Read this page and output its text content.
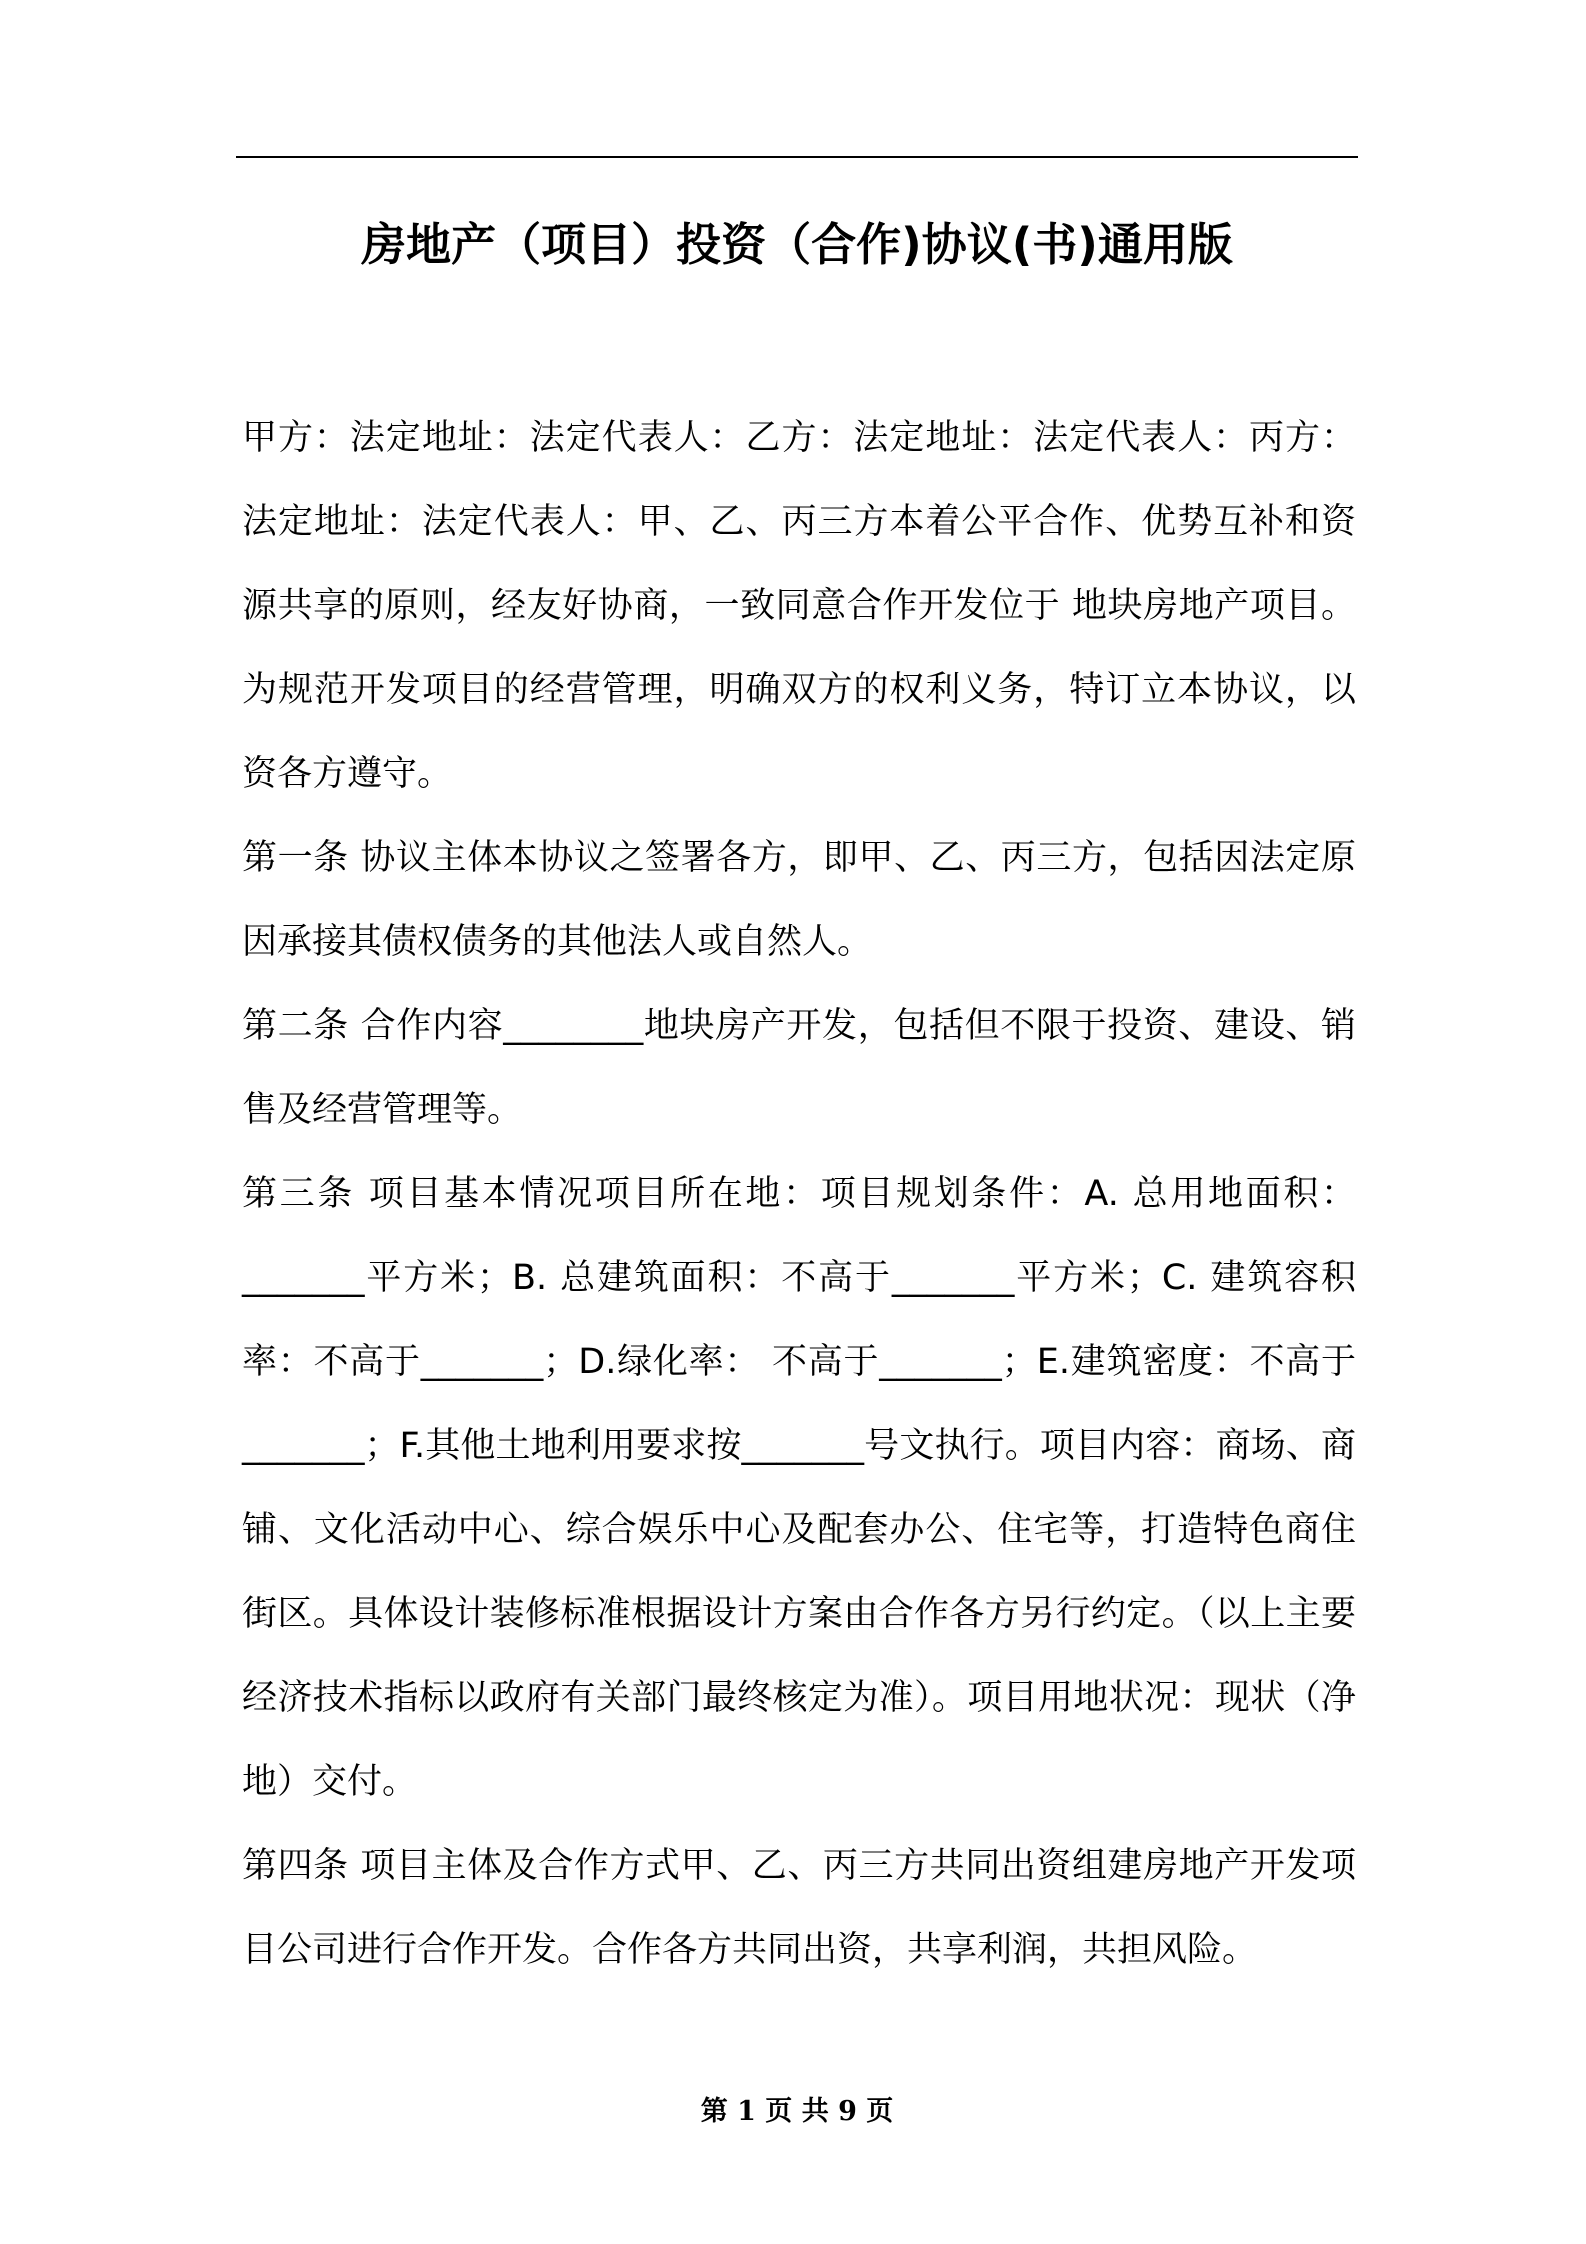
房地产（项目）投资（合作)协议(书)通用版

甲方：法定地址：法定代表人：乙方：法定地址：法定代表人：丙方：法定地址：法定代表人：甲、乙、丙三方本着公平合作、优势互补和资源共享的原则，经友好协商，一致同意合作开发位于 地块房地产项目。为规范开发项目的经营管理，明确双方的权利义务，特订立本协议，以资各方遵守。

第一条 协议主体本协议之签署各方，即甲、乙、丙三方，包括因法定原因承接其债权债务的其他法人或自然人。

第二条 合作内容________地块房产开发，包括但不限于投资、建设、销售及经营管理等。

第三条 项目基本情况项目所在地：项目规划条件：A. 总用地面积：_______平方米；B. 总建筑面积：不高于_______平方米；C. 建筑容积率：不高于_______；D.绿化率： 不高于_______；E.建筑密度：不高于_______；F.其他土地利用要求按_______号文执行。项目内容：商场、商铺、文化活动中心、综合娱乐中心及配套办公、住宅等，打造特色商住街区。具体设计装修标准根据设计方案由合作各方另行约定。（以上主要经济技术指标以政府有关部门最终核定为准）。项目用地状况：现状（净地）交付。

第四条 项目主体及合作方式甲、乙、丙三方共同出资组建房地产开发项目公司进行合作开发。合作各方共同出资，共享利润，共担风险。

第 1 页 共 9 页
